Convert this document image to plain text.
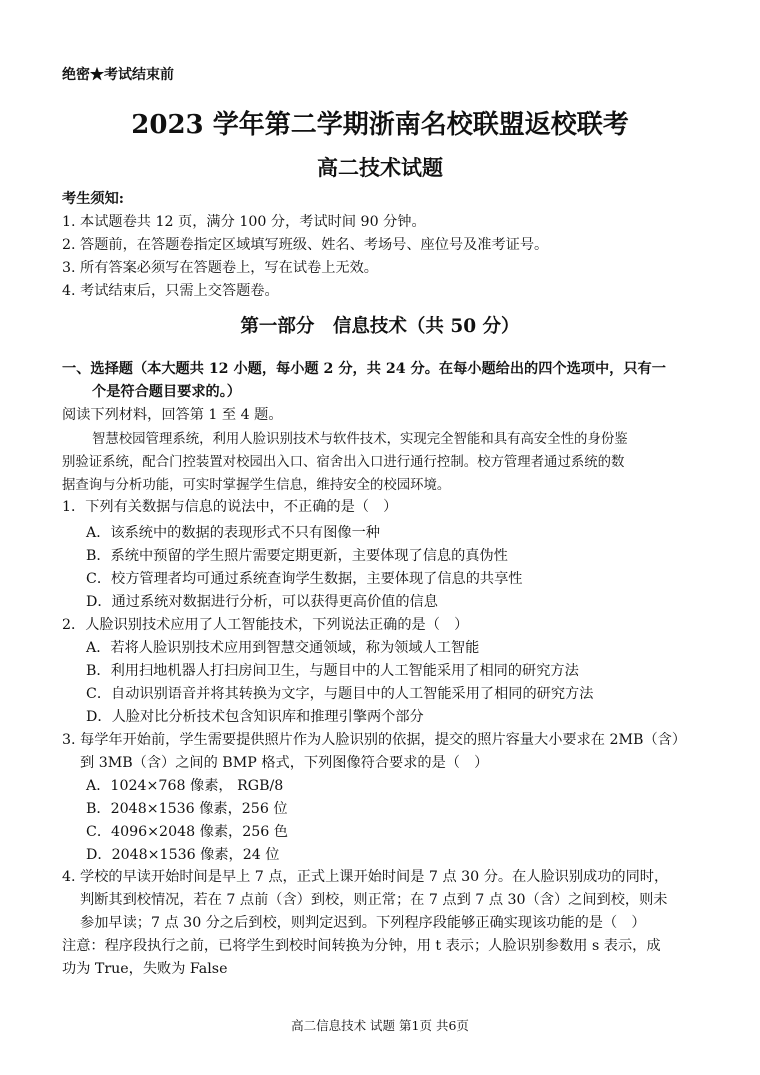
绝密★考试结束前
2023 学年第二学期浙南名校联盟返校联考
高二技术试题
考生须知:
1. 本试题卷共 12 页，满分 100 分，考试时间 90 分钟。
2. 答题前，在答题卷指定区域填写班级、姓名、考场号、座位号及准考证号。
3. 所有答案必须写在答题卷上，写在试卷上无效。
4. 考试结束后，只需上交答题卷。
第一部分　信息技术（共 50 分）
一、选择题（本大题共 12 小题，每小题 2 分，共 24 分。在每小题给出的四个选项中，只有一
个是符合题目要求的。）
阅读下列材料，回答第 1 至 4 题。
智慧校园管理系统，利用人脸识别技术与软件技术，实现完全智能和具有高安全性的身份鉴
别验证系统，配合门控装置对校园出入口、宿舍出入口进行通行控制。校方管理者通过系统的数
据查询与分析功能，可实时掌握学生信息，维持安全的校园环境。
1．下列有关数据与信息的说法中，不正确的是（　）
A．该系统中的数据的表现形式不只有图像一种
B．系统中预留的学生照片需要定期更新，主要体现了信息的真伪性
C．校方管理者均可通过系统查询学生数据，主要体现了信息的共享性
D．通过系统对数据进行分析，可以获得更高价值的信息
2．人脸识别技术应用了人工智能技术，下列说法正确的是（　）
A．若将人脸识别技术应用到智慧交通领域，称为领域人工智能
B．利用扫地机器人打扫房间卫生，与题目中的人工智能采用了相同的研究方法
C．自动识别语音并将其转换为文字，与题目中的人工智能采用了相同的研究方法
D．人脸对比分析技术包含知识库和推理引擎两个部分
3. 每学年开始前，学生需要提供照片作为人脸识别的依据，提交的照片容量大小要求在 2MB（含）
到 3MB（含）之间的 BMP 格式，下列图像符合要求的是（　）
A．1024×768 像素， RGB/8
B．2048×1536 像素，256 位
C．4096×2048 像素，256 色
D．2048×1536 像素，24 位
4. 学校的早读开始时间是早上 7 点，正式上课开始时间是 7 点 30 分。在人脸识别成功的同时，
判断其到校情况，若在 7 点前（含）到校，则正常；在 7 点到 7 点 30（含）之间到校，则未
参加早读；7 点 30 分之后到校，则判定迟到。下列程序段能够正确实现该功能的是（　）
注意：程序段执行之前，已将学生到校时间转换为分钟，用 t 表示；人脸识别参数用 s 表示，成
功为 True，失败为 False
高二信息技术 试题 第1页 共6页
